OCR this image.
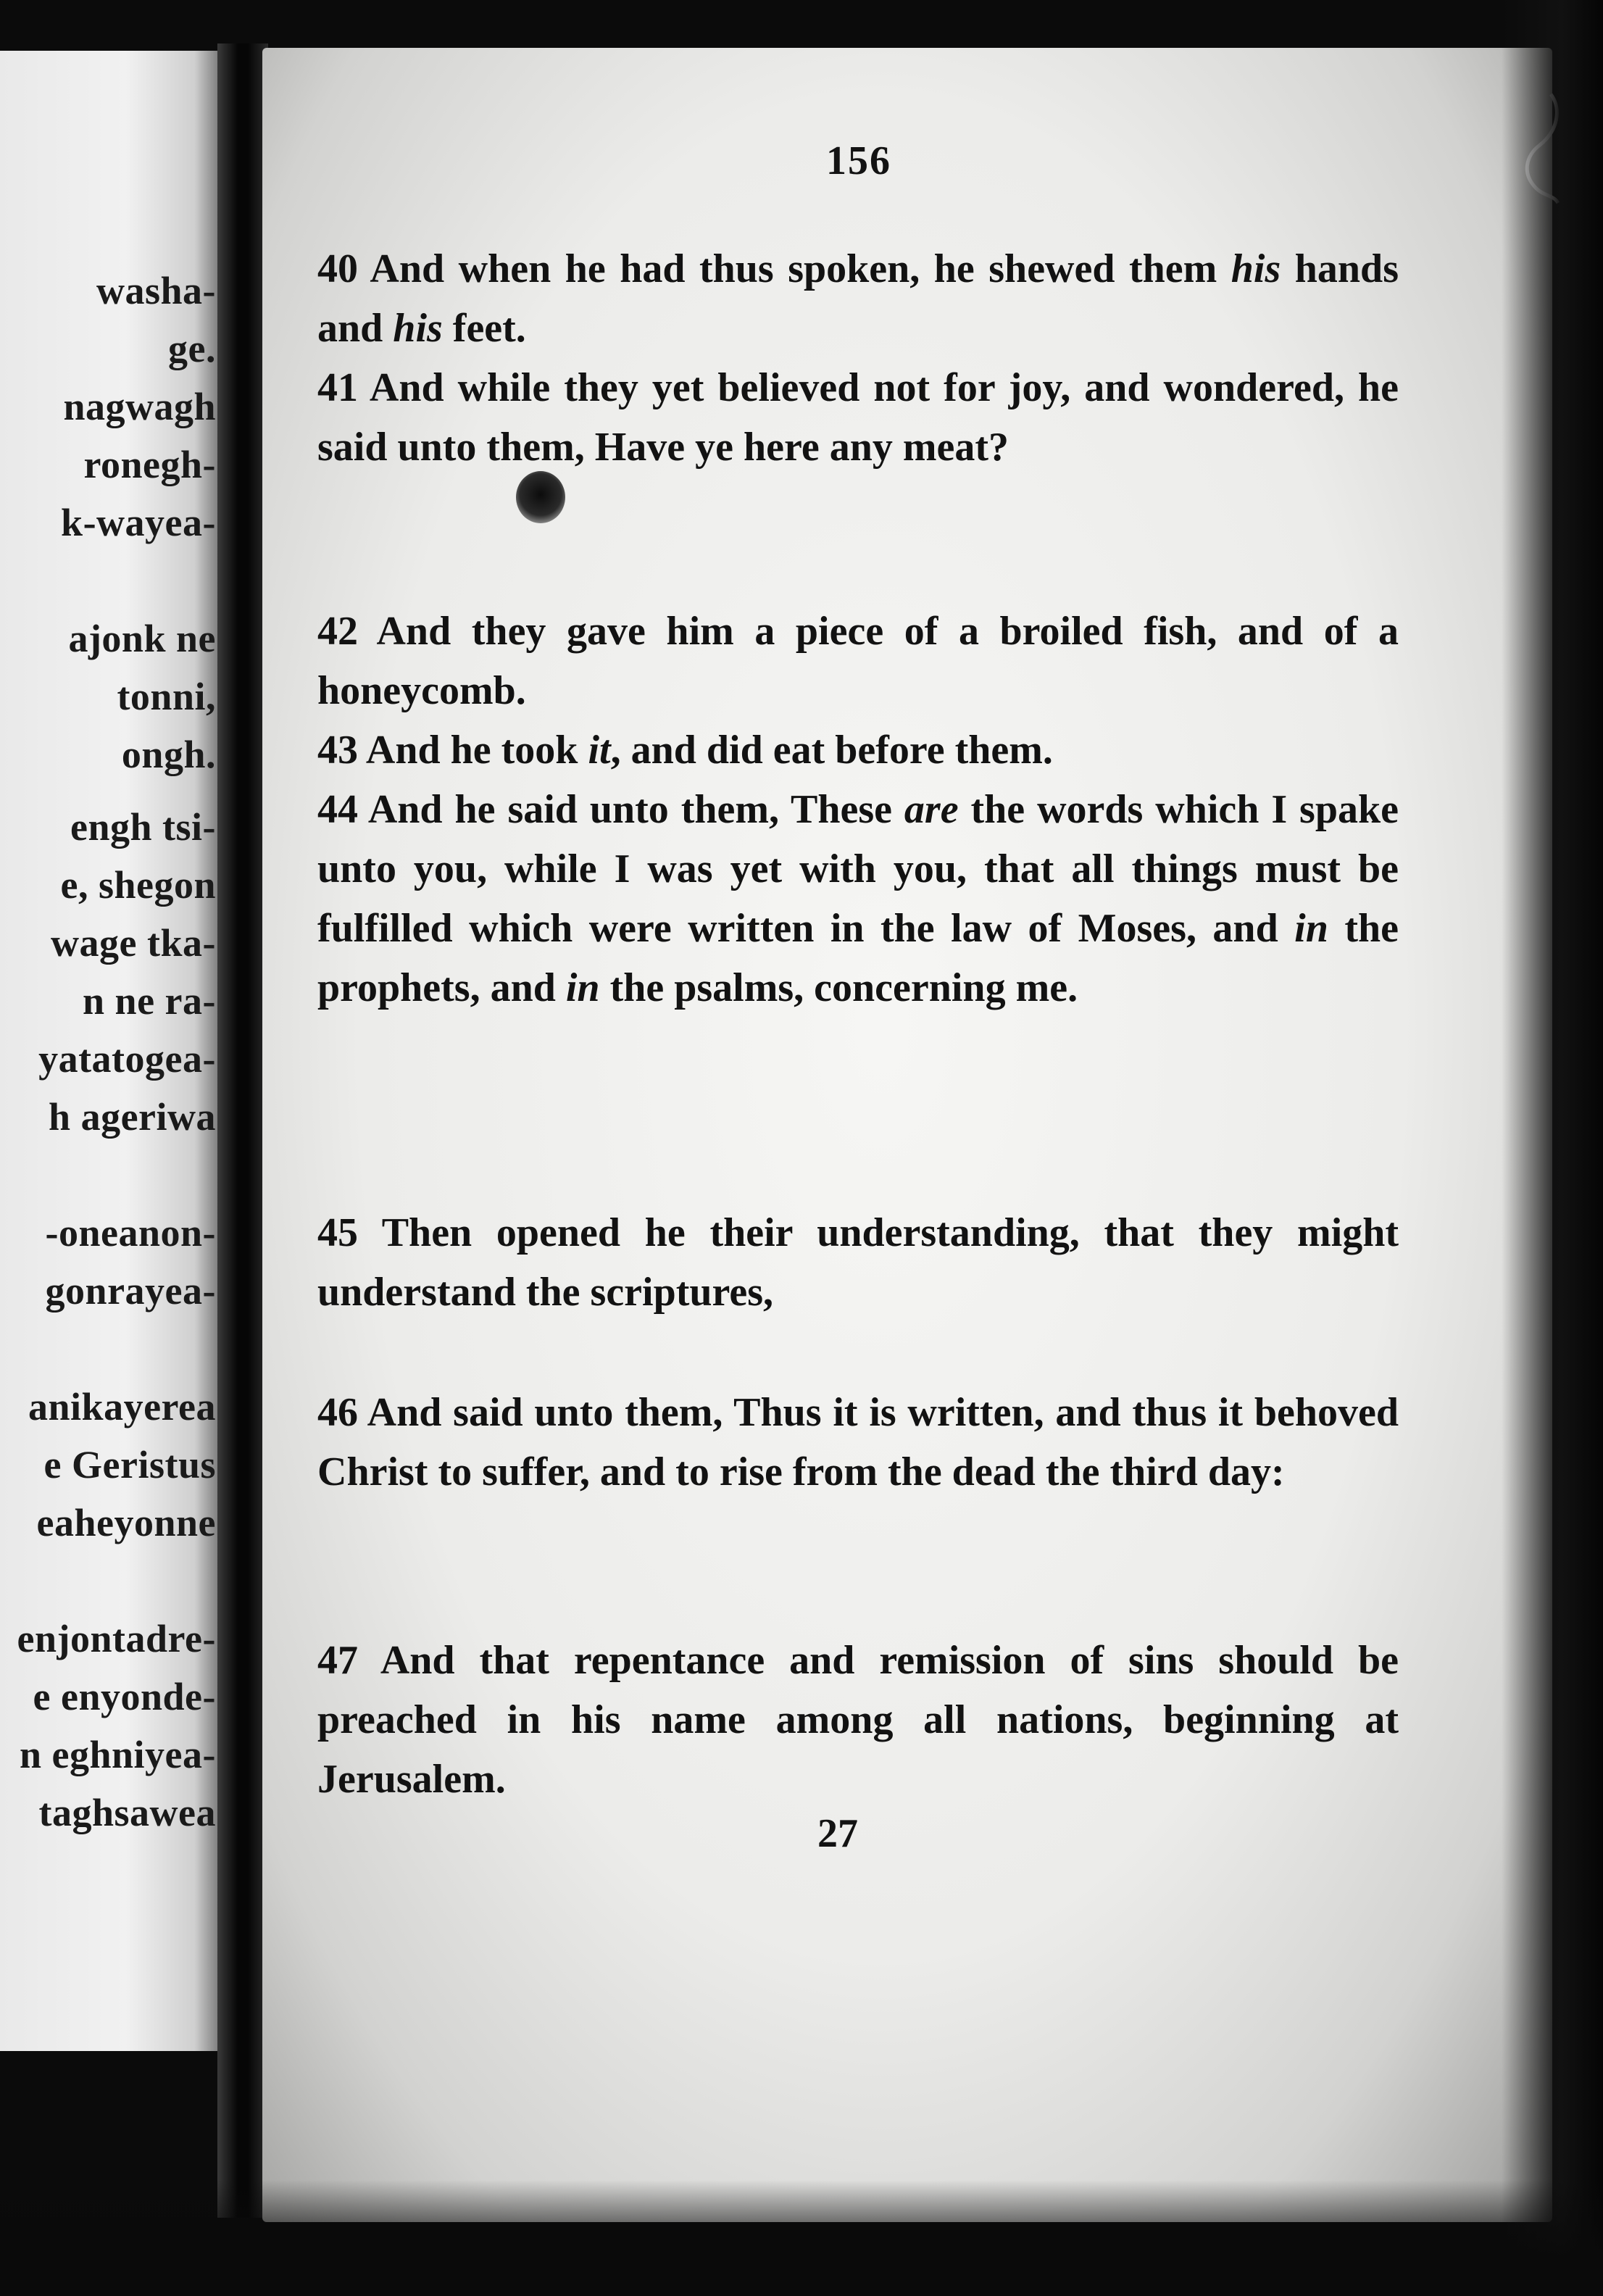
washa-
ge.
nagwagh
ronegh-
k-wayea-
ajonk ne
tonni,
ongh.
engh tsi-
e, shegon
wage tka-
n ne ra-
yatatogea-
h ageriwa
-oneanon-
gonrayea-
anikayerea
e Geristus
eaheyonne
enjontadre-
e enyonde-
n eghniyea-
taghsawea
156
40 And when he had thus spoken, he shewed them his hands and his feet.
41 And while they yet believed not for joy, and wondered, he said unto them, Have ye here any meat?
42 And they gave him a piece of a broiled fish, and of a honeycomb.
43 And he took it, and did eat before them.
44 And he said unto them, These are the words which I spake unto you, while I was yet with you, that all things must be fulfilled which were written in the law of Moses, and in the prophets, and in the psalms, concerning me.
45 Then opened he their understanding, that they might understand the scriptures,
46 And said unto them, Thus it is written, and thus it behoved Christ to suffer, and to rise from the dead the third day:
47 And that repentance and remission of sins should be preached in his name among all nations, beginning at Jerusalem.
27
